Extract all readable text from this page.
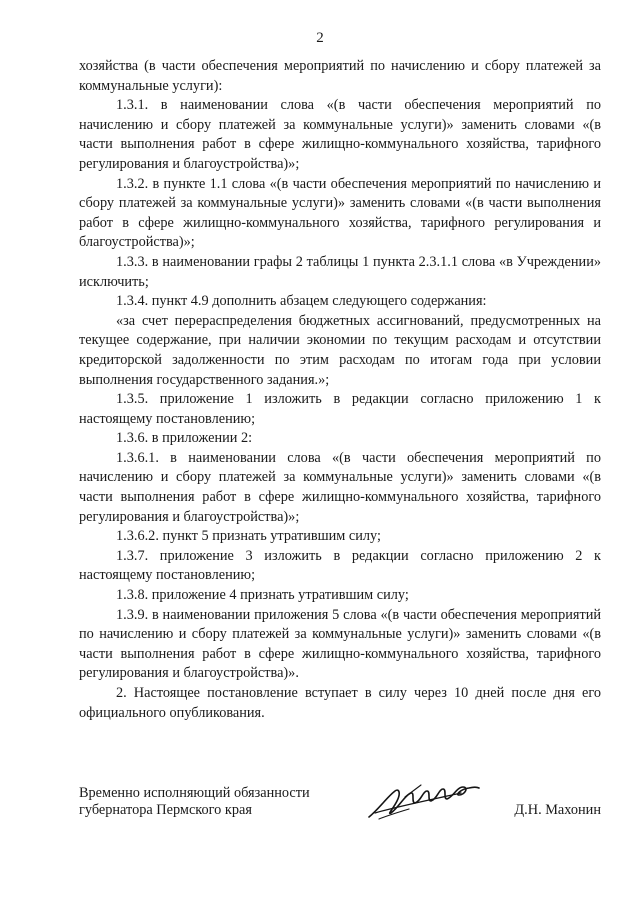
2

хозяйства (в части обеспечения мероприятий по начислению и сбору платежей за коммунальные услуги):

1.3.1. в наименовании слова «(в части обеспечения мероприятий по начислению и сбору платежей за коммунальные услуги)» заменить словами «(в части выполнения работ в сфере жилищно-коммунального хозяйства, тарифного регулирования и благоустройства)»;

1.3.2. в пункте 1.1 слова «(в части обеспечения мероприятий по начислению и сбору платежей за коммунальные услуги)» заменить словами «(в части выполнения работ в сфере жилищно-коммунального хозяйства, тарифного регулирования и благоустройства)»;

1.3.3. в наименовании графы 2 таблицы 1 пункта 2.3.1.1 слова «в Учреждении» исключить;

1.3.4. пункт 4.9 дополнить абзацем следующего содержания:

«за счет перераспределения бюджетных ассигнований, предусмотренных на текущее содержание, при наличии экономии по текущим расходам и отсутствии кредиторской задолженности по этим расходам по итогам года при условии выполнения государственного задания.»;

1.3.5. приложение 1 изложить в редакции согласно приложению 1 к настоящему постановлению;

1.3.6. в приложении 2:

1.3.6.1. в наименовании слова «(в части обеспечения мероприятий по начислению и сбору платежей за коммунальные услуги)» заменить словами «(в части выполнения работ в сфере жилищно-коммунального хозяйства, тарифного регулирования и благоустройства)»;

1.3.6.2. пункт 5 признать утратившим силу;

1.3.7. приложение 3 изложить в редакции согласно приложению 2 к настоящему постановлению;

1.3.8. приложение 4 признать утратившим силу;

1.3.9. в наименовании приложения 5 слова «(в части обеспечения мероприятий по начислению и сбору платежей за коммунальные услуги)» заменить словами «(в части выполнения работ в сфере жилищно-коммунального хозяйства, тарифного регулирования и благоустройства)».

2. Настоящее постановление вступает в силу через 10 дней после дня его официального опубликования.

Временно исполняющий обязанности
губернатора Пермского края	Д.Н. Махонин
